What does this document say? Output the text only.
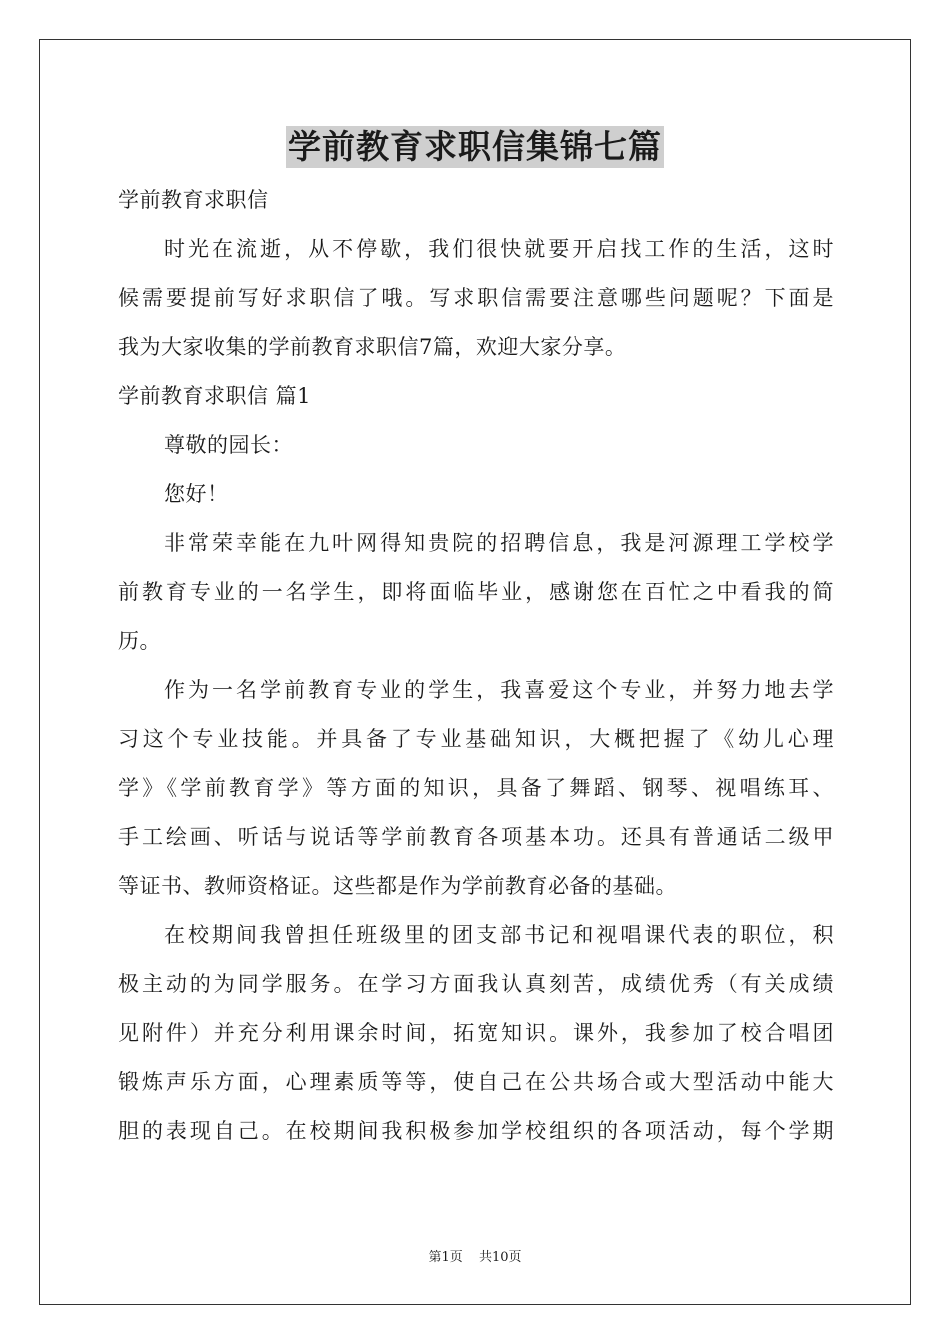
学前教育求职信集锦七篇

学前教育求职信

时光在流逝，从不停歇，我们很快就要开启找工作的生活，这时

候需要提前写好求职信了哦。写求职信需要注意哪些问题呢？下面是

我为大家收集的学前教育求职信7篇，欢迎大家分享。

学前教育求职信 篇1

尊敬的园长：

您好！

非常荣幸能在九叶网得知贵院的招聘信息，我是河源理工学校学

前教育专业的一名学生，即将面临毕业，感谢您在百忙之中看我的简

历。

作为一名学前教育专业的学生，我喜爱这个专业，并努力地去学

习这个专业技能。并具备了专业基础知识，大概把握了《幼儿心理

学》《学前教育学》等方面的知识，具备了舞蹈、钢琴、视唱练耳、

手工绘画、听话与说话等学前教育各项基本功。还具有普通话二级甲

等证书、教师资格证。这些都是作为学前教育必备的基础。

在校期间我曾担任班级里的团支部书记和视唱课代表的职位，积

极主动的为同学服务。在学习方面我认真刻苦，成绩优秀（有关成绩

见附件）并充分利用课余时间，拓宽知识。课外，我参加了校合唱团

锻炼声乐方面，心理素质等等，使自己在公共场合或大型活动中能大

胆的表现自己。在校期间我积极参加学校组织的各项活动，每个学期

第1页 共10页
